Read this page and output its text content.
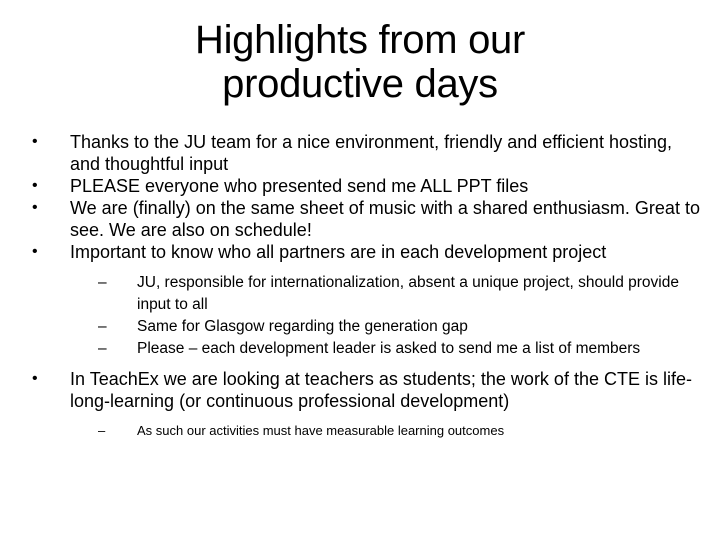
Highlights from our
productive days
•	Thanks to the JU team for a nice environment, friendly and efficient hosting, and thoughtful input
•	PLEASE everyone who presented send me ALL PPT files
•	We are (finally) on the same sheet of music with a shared enthusiasm. Great to see. We are also on schedule!
•	Important to know who all partners are in each development project
– JU, responsible for internationalization, absent a unique project, should provide input to all
– Same for Glasgow regarding the generation gap
– Please – each development leader is asked to send me a list of members
•	In TeachEx we are looking at teachers as students; the work of the CTE is life-long-learning (or continuous professional development)
– As such our activities must have measurable learning outcomes
